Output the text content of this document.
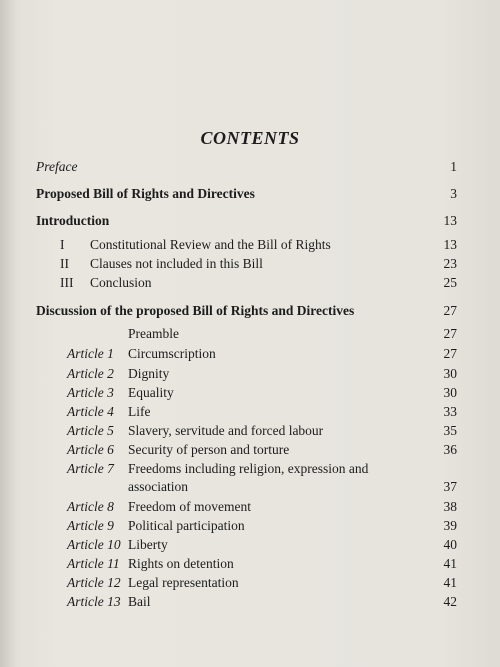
CONTENTS
Preface	1
Proposed Bill of Rights and Directives	3
Introduction	13
I Constitutional Review and the Bill of Rights	13
II Clauses not included in this Bill	23
III Conclusion	25
Discussion of the proposed Bill of Rights and Directives	27
Preamble	27
Article 1 Circumscription	27
Article 2 Dignity	30
Article 3 Equality	30
Article 4 Life	33
Article 5 Slavery, servitude and forced labour	35
Article 6 Security of person and torture	36
Article 7 Freedoms including religion, expression and
association	37
Article 8 Freedom of movement	38
Article 9 Political participation	39
Article 10 Liberty	40
Article 11 Rights on detention	41
Article 12 Legal representation	41
Article 13 Bail	42
